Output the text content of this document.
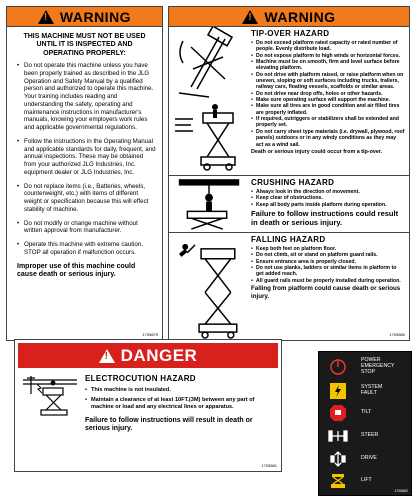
!
WARNING
THIS MACHINE MUST NOT BE USED UNTIL IT IS INSPECTED AND OPERATING PROPERLY:
• Do not operate this machine unless you have been properly trained as described in the JLG Operation and Safety Manual by a qualified person and authorized to operate this machine. Your training includes reading and understanding the safety, operating and maintenance instructions in manufacturer's manuals, knowing your employers work rules and applicable governmental regulations.
• Follow the instructions in the Operating Manual and applicable standards for daily, frequent, and annual inspections. These may be obtained from your authorized JLG Industries, Inc. equipment dealer or JLG Industries, Inc.
• Do not replace items (i.e., Batteries, wheels, counterweight, etc.) with items of different weight or specification because this will effect stability of machine.
• Do not modify or change machine without written approval from manufacturer.
• Operate this machine with extreme caution. STOP all operation if malfunction occurs.
Improper use of this machine could cause death or serious injury.
1705679
!
WARNING
TIP-OVER HAZARD
• Do not exceed platform rated capacity or rated number of people. Evenly distribute load.
• Do not expose platform to high winds or horizontal forces.
• Machine must be on smooth, firm and level surface before elevating platform.
• Do not drive with platform raised, or raise platform when on uneven, sloping or soft surfaces including trucks, trailers, railway cars, floating vessels, scaffolds or similar areas.
• Do not drive near drop offs, holes or other hazards.
• Make sure operating surface will support the machine.
• Make sure all tires are in good condition and air filled tires are properly inflated.
• If required, outriggers or stabilizers shall be extended and properly set.
• Do not carry sheet type materials (i.e. drywall, plywood, roof panels) outdoors or in any windy conditions as they may act as a wind sail.
Death or serious injury could occur from a tip-over.
CRUSHING HAZARD
• Always look in the direction of movement.
• Keep clear of obstructions.
• Keep all body parts inside platform during operation.
Failure to follow instructions could result in death or serious injury.
FALLING HAZARD
• Keep both feet on platform floor.
• Do not climb, sit or stand on platform guard rails.
• Ensure entrance area is properly closed.
• Do not use planks, ladders or similar items in platform to get added reach.
• All guard rails must be properly installed during operation.
Falling from platform could cause death or serious injury.
1705680
!
DANGER
ELECTROCUTION HAZARD
• This machine is not insulated.
• Maintain a clearance of at least 10FT.(3M) between any part of machine or load and any electrical lines or apparatus.
Failure to follow instructions will result in death or serious injury.
1705681
POWER
EMERGENCY
STOP
SYSTEM
FAULT
TILT
STEER
DRIVE
LIFT
1705682
